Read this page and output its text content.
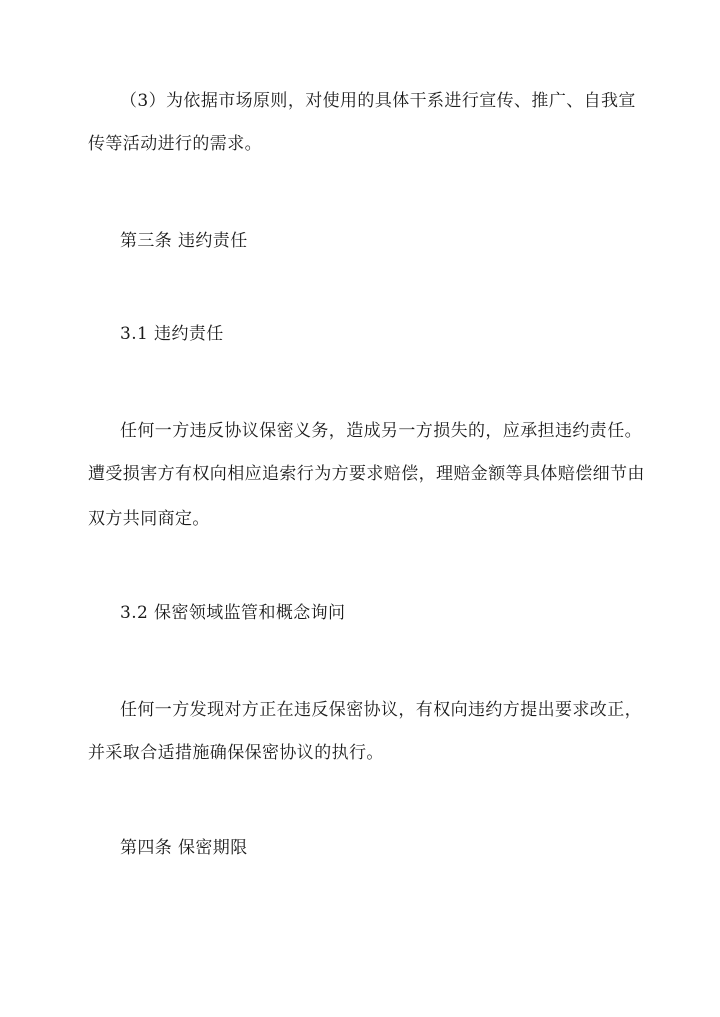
（3）为依据市场原则，对使用的具体干系进行宣传、推广、自我宣
传等活动进行的需求。
第三条 违约责任
3.1 违约责任
任何一方违反协议保密义务，造成另一方损失的，应承担违约责任。
遭受损害方有权向相应追索行为方要求赔偿，理赔金额等具体赔偿细节由
双方共同商定。
3.2 保密领域监管和概念询问
任何一方发现对方正在违反保密协议，有权向违约方提出要求改正，
并采取合适措施确保保密协议的执行。
第四条 保密期限
